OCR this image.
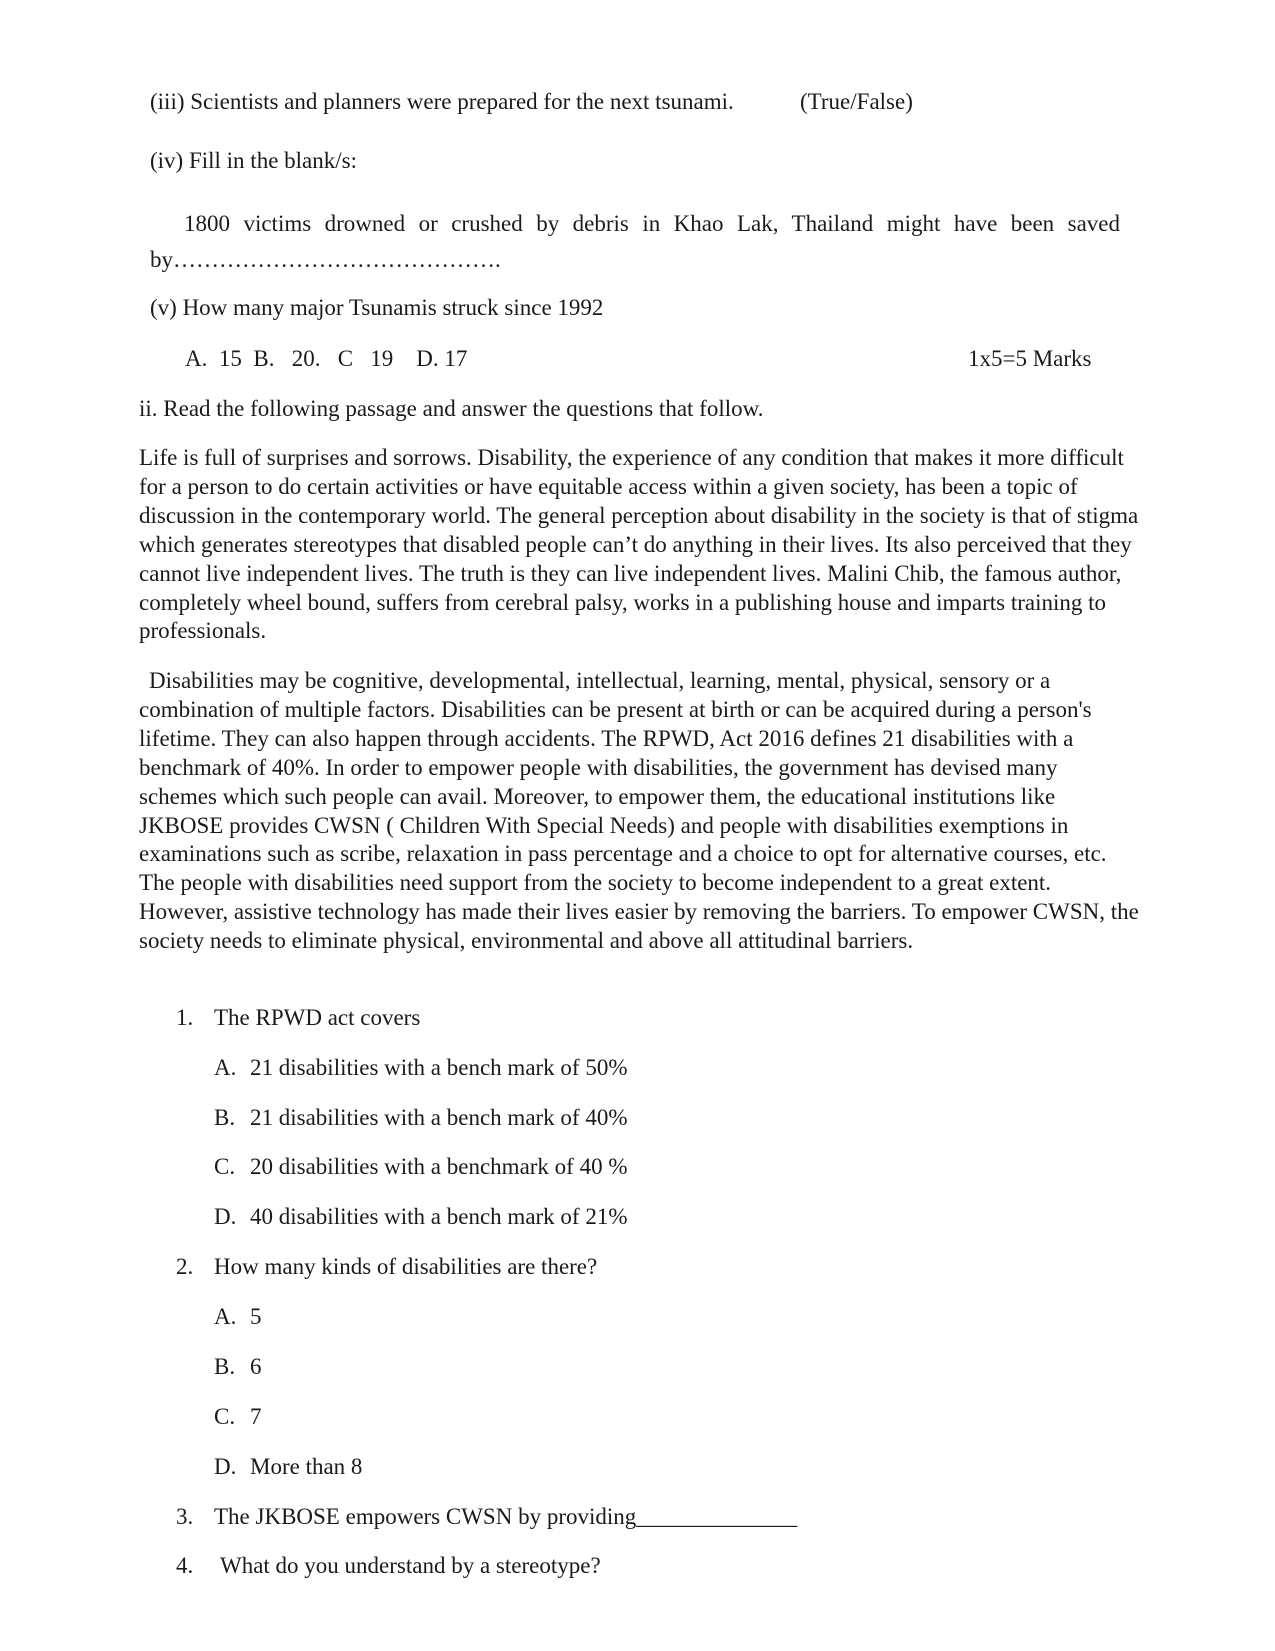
(iii) Scientists and planners were prepared for the next tsunami.	(True/False)
(iv) Fill in the blank/s:
1800 victims drowned or crushed by debris in Khao Lak, Thailand might have been saved by…………………………………….
(v) How many major Tsunamis struck since 1992
A.  15  B.   20.   C   19    D. 17	1x5=5 Marks
ii. Read the following passage and answer the questions that follow.
Life is full of surprises and sorrows. Disability, the experience of any condition that makes it more difficult for a person to do certain activities or have equitable access within a given society, has been a topic of discussion in the contemporary world. The general perception about disability in the society is that of stigma which generates stereotypes that disabled people can’t do anything in their lives. Its also perceived that they cannot live independent lives. The truth is they can live independent lives. Malini Chib, the famous author, completely wheel bound, suffers from cerebral palsy, works in a publishing house and imparts training to professionals.
Disabilities may be cognitive, developmental, intellectual, learning, mental, physical, sensory or a combination of multiple factors. Disabilities can be present at birth or can be acquired during a person's lifetime. They can also happen through accidents. The RPWD, Act 2016 defines 21 disabilities with a benchmark of 40%. In order to empower people with disabilities, the government has devised many schemes which such people can avail. Moreover, to empower them, the educational institutions like JKBOSE provides CWSN ( Children With Special Needs) and people with disabilities exemptions in examinations such as scribe, relaxation in pass percentage and a choice to opt for alternative courses, etc. The people with disabilities need support from the society to become independent to a great extent. However, assistive technology has made their lives easier by removing the barriers. To empower CWSN, the society needs to eliminate physical, environmental and above all attitudinal barriers.
1. The RPWD act covers
A. 21 disabilities with a bench mark of 50%
B. 21 disabilities with a bench mark of 40%
C. 20 disabilities with a benchmark of 40 %
D. 40 disabilities with a bench mark of 21%
2. How many kinds of disabilities are there?
A. 5
B. 6
C. 7
D. More than 8
3. The JKBOSE empowers CWSN by providing______________
4. What do you understand by a stereotype?
